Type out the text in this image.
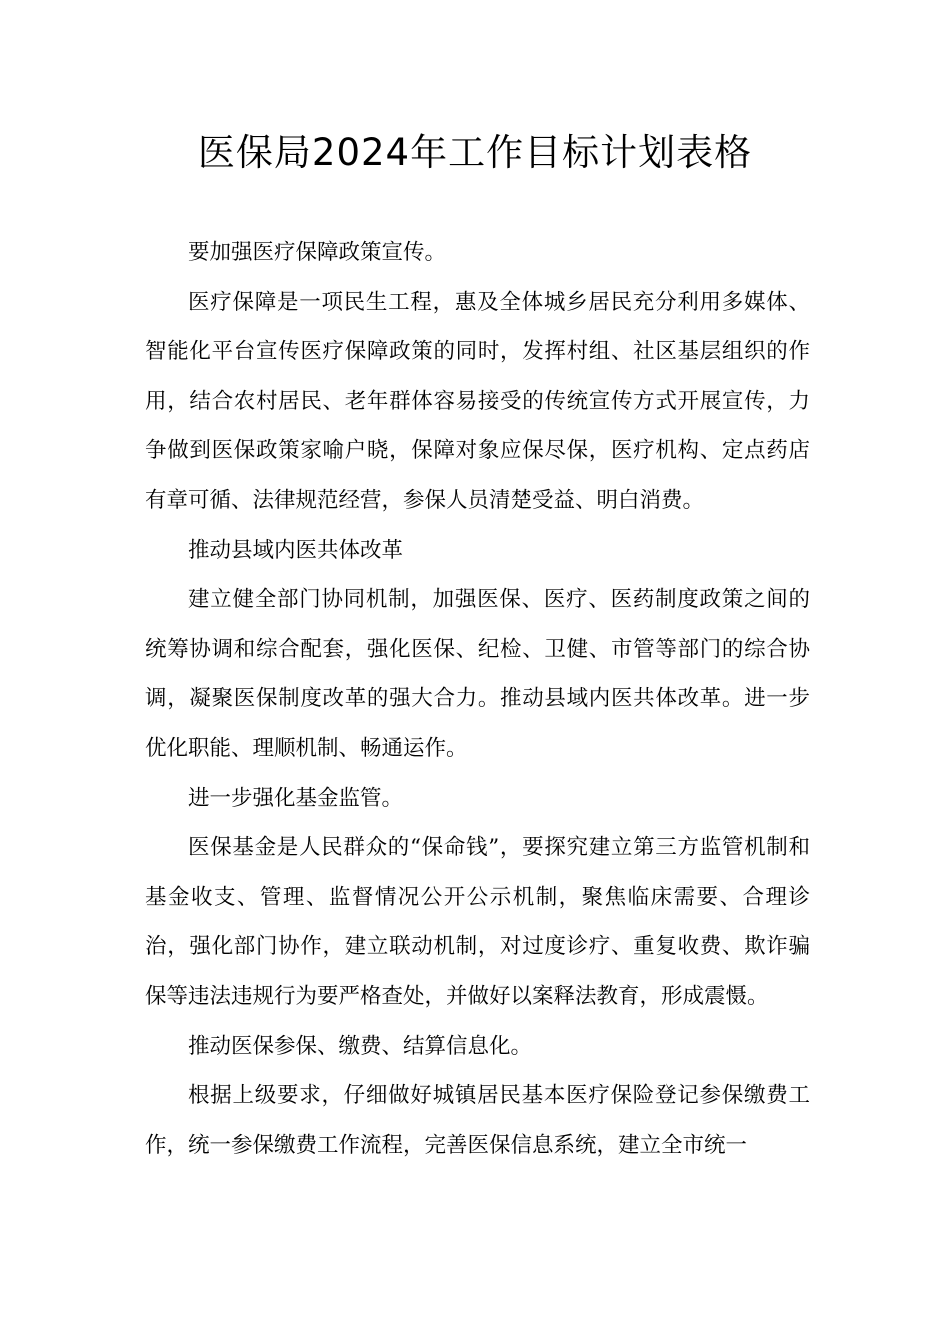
医保局2024年工作目标计划表格

要加强医疗保障政策宣传。

医疗保障是一项民生工程，惠及全体城乡居民充分利用多媒体、智能化平台宣传医疗保障政策的同时，发挥村组、社区基层组织的作用，结合农村居民、老年群体容易接受的传统宣传方式开展宣传，力争做到医保政策家喻户晓，保障对象应保尽保，医疗机构、定点药店有章可循、法律规范经营，参保人员清楚受益、明白消费。

推动县域内医共体改革

建立健全部门协同机制，加强医保、医疗、医药制度政策之间的统筹协调和综合配套，强化医保、纪检、卫健、市管等部门的综合协调，凝聚医保制度改革的强大合力。推动县域内医共体改革。进一步优化职能、理顺机制、畅通运作。

进一步强化基金监管。

医保基金是人民群众的“保命钱”，要探究建立第三方监管机制和基金收支、管理、监督情况公开公示机制，聚焦临床需要、合理诊治，强化部门协作，建立联动机制，对过度诊疗、重复收费、欺诈骗保等违法违规行为要严格查处，并做好以案释法教育，形成震慑。

推动医保参保、缴费、结算信息化。

根据上级要求，仔细做好城镇居民基本医疗保险登记参保缴费工作，统一参保缴费工作流程，完善医保信息系统，建立全市统一
